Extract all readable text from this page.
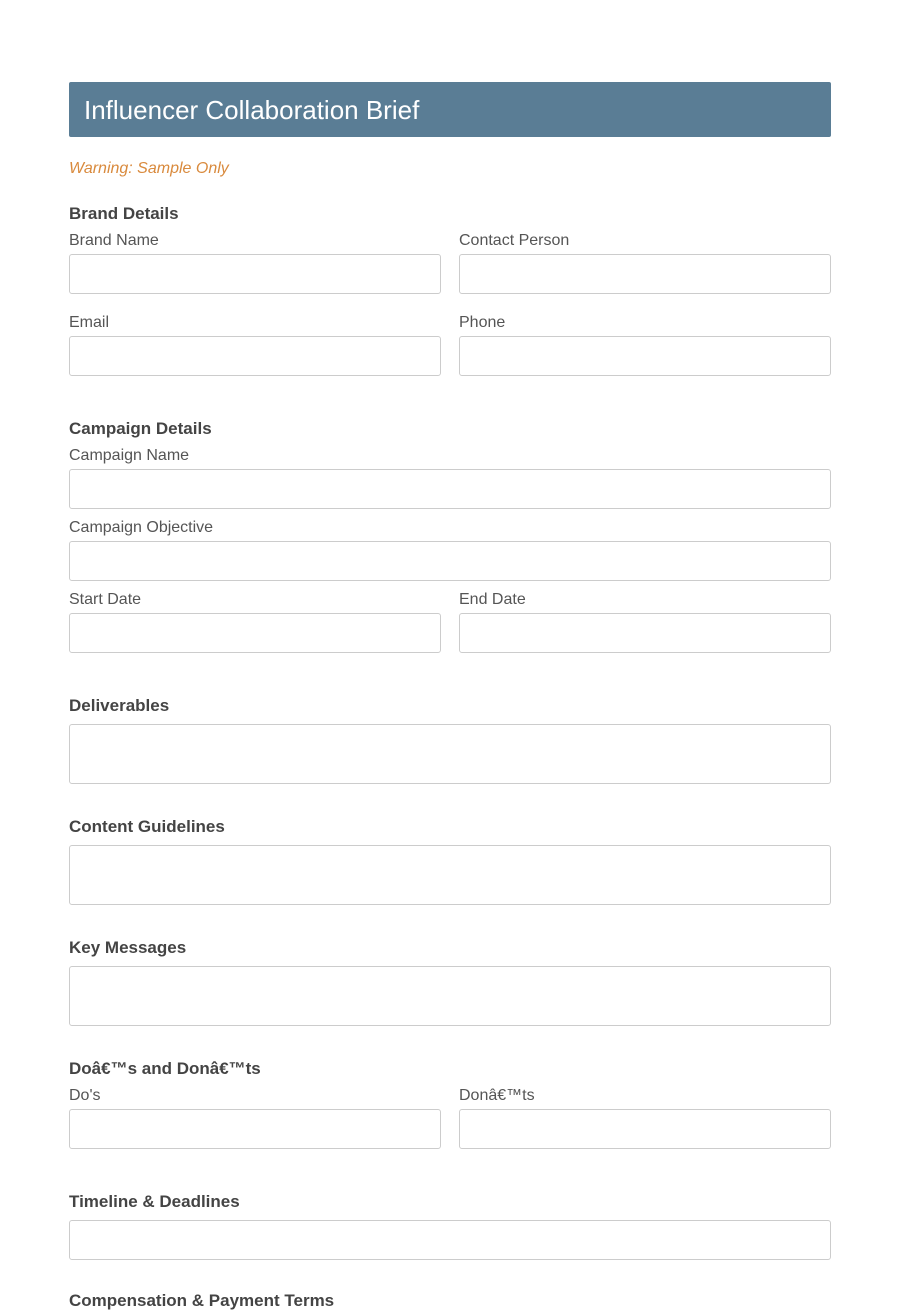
Influencer Collaboration Brief
Warning: Sample Only
Brand Details
Brand Name	Contact Person
Email	Phone
Campaign Details
Campaign Name
Campaign Objective
Start Date	End Date
Deliverables
Content Guidelines
Key Messages
Doâ€™s and Donâ€™ts
Do's	Donâ€™ts
Timeline & Deadlines
Compensation & Payment Terms
